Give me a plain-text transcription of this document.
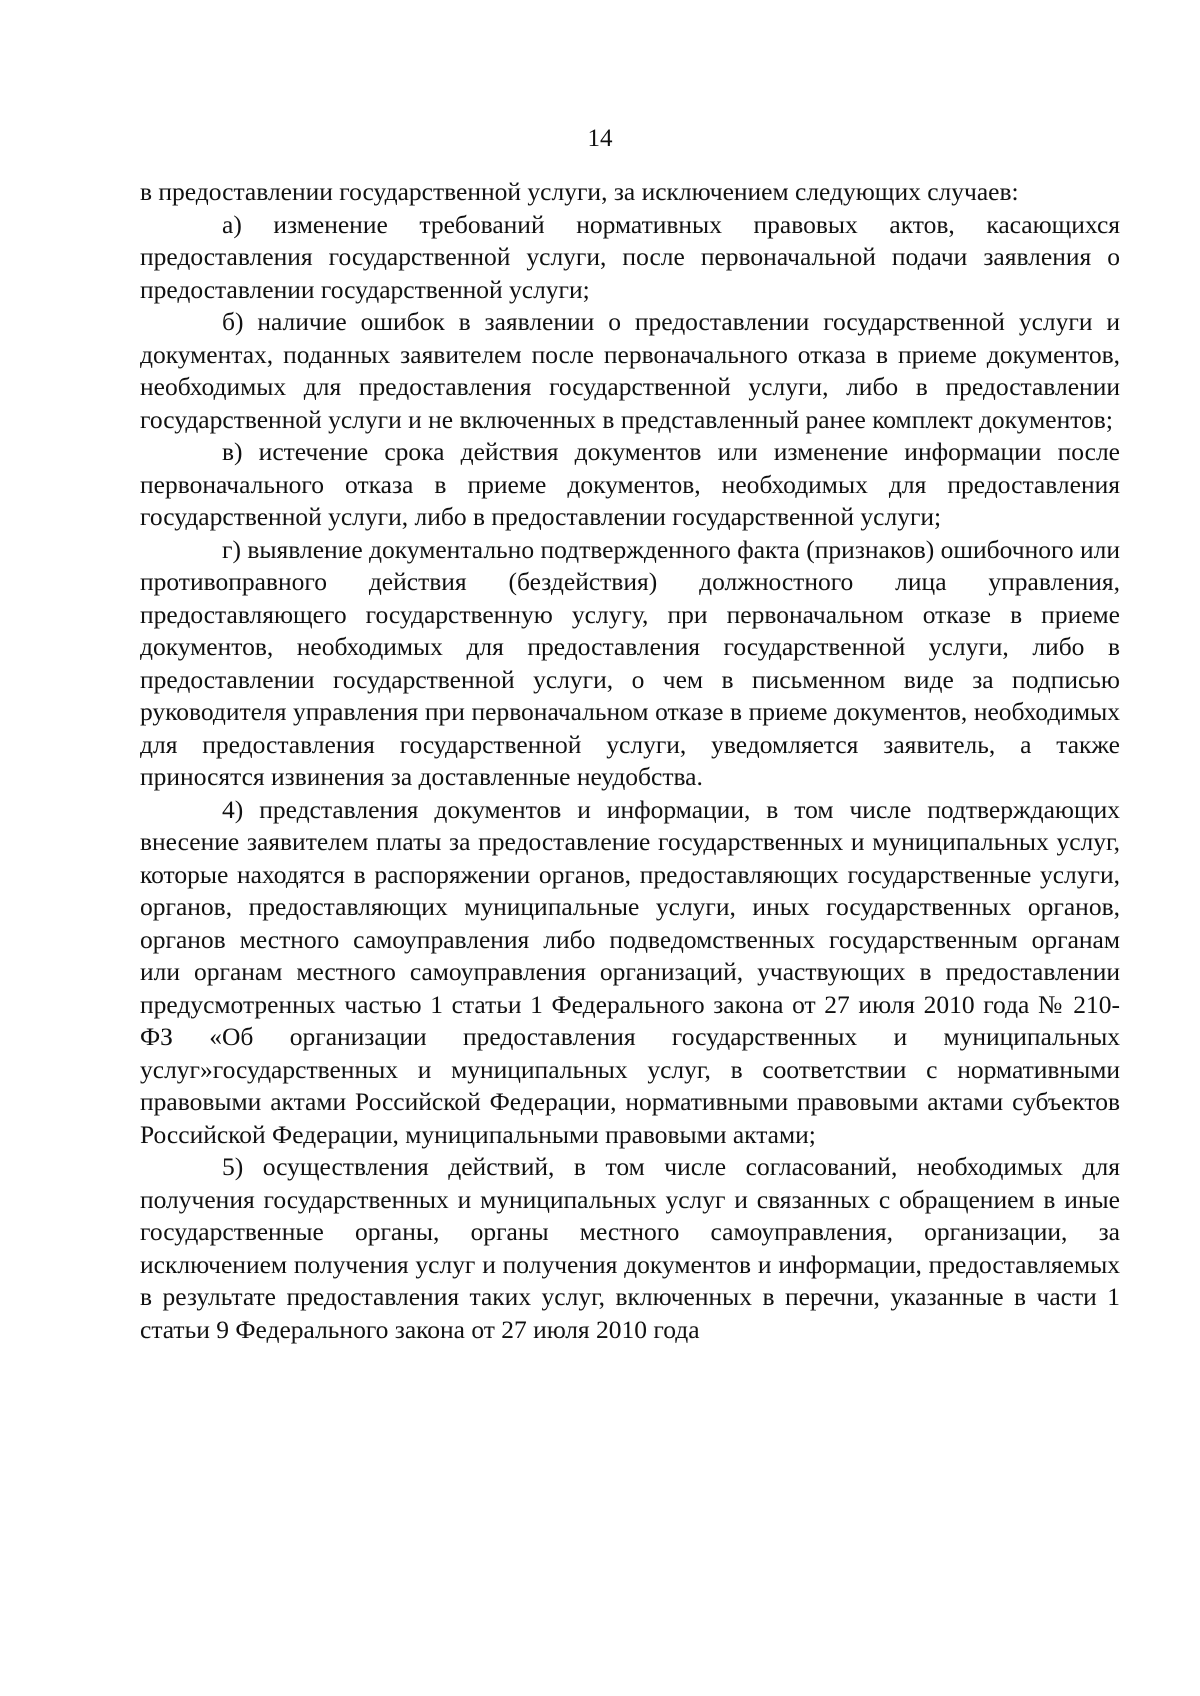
14

в предоставлении государственной услуги, за исключением следующих случаев:

а) изменение требований нормативных правовых актов, касающихся предоставления государственной услуги, после первоначальной подачи заявления о предоставлении государственной услуги;

б) наличие ошибок в заявлении о предоставлении государственной услуги и документах, поданных заявителем после первоначального отказа в приеме документов, необходимых для предоставления государственной услуги, либо в предоставлении государственной услуги и не включенных в представленный ранее комплект документов;

в) истечение срока действия документов или изменение информации после первоначального отказа в приеме документов, необходимых для предоставления государственной услуги, либо в предоставлении государственной услуги;

г) выявление документально подтвержденного факта (признаков) ошибочного или противоправного действия (бездействия) должностного лица управления, предоставляющего государственную услугу, при первоначальном отказе в приеме документов, необходимых для предоставления государственной услуги, либо в предоставлении государственной услуги, о чем в письменном виде за подписью руководителя управления при первоначальном отказе в приеме документов, необходимых для предоставления государственной услуги, уведомляется заявитель, а также приносятся извинения за доставленные неудобства.

4) представления документов и информации, в том числе подтверждающих внесение заявителем платы за предоставление государственных и муниципальных услуг, которые находятся в распоряжении органов, предоставляющих государственные услуги, органов, предоставляющих муниципальные услуги, иных государственных органов, органов местного самоуправления либо подведомственных государственным органам или органам местного самоуправления организаций, участвующих в предоставлении предусмотренных частью 1 статьи 1 Федерального закона от 27 июля 2010 года № 210-ФЗ «Об организации предоставления государственных и муниципальных услуг»государственных и муниципальных услуг, в соответствии с нормативными правовыми актами Российской Федерации, нормативными правовыми актами субъектов Российской Федерации, муниципальными правовыми актами;

5) осуществления действий, в том числе согласований, необходимых для получения государственных и муниципальных услуг и связанных с обращением в иные государственные органы, органы местного самоуправления, организации, за исключением получения услуг и получения документов и информации, предоставляемых в результате предоставления таких услуг, включенных в перечни, указанные в части 1 статьи 9 Федерального закона от 27 июля 2010 года
